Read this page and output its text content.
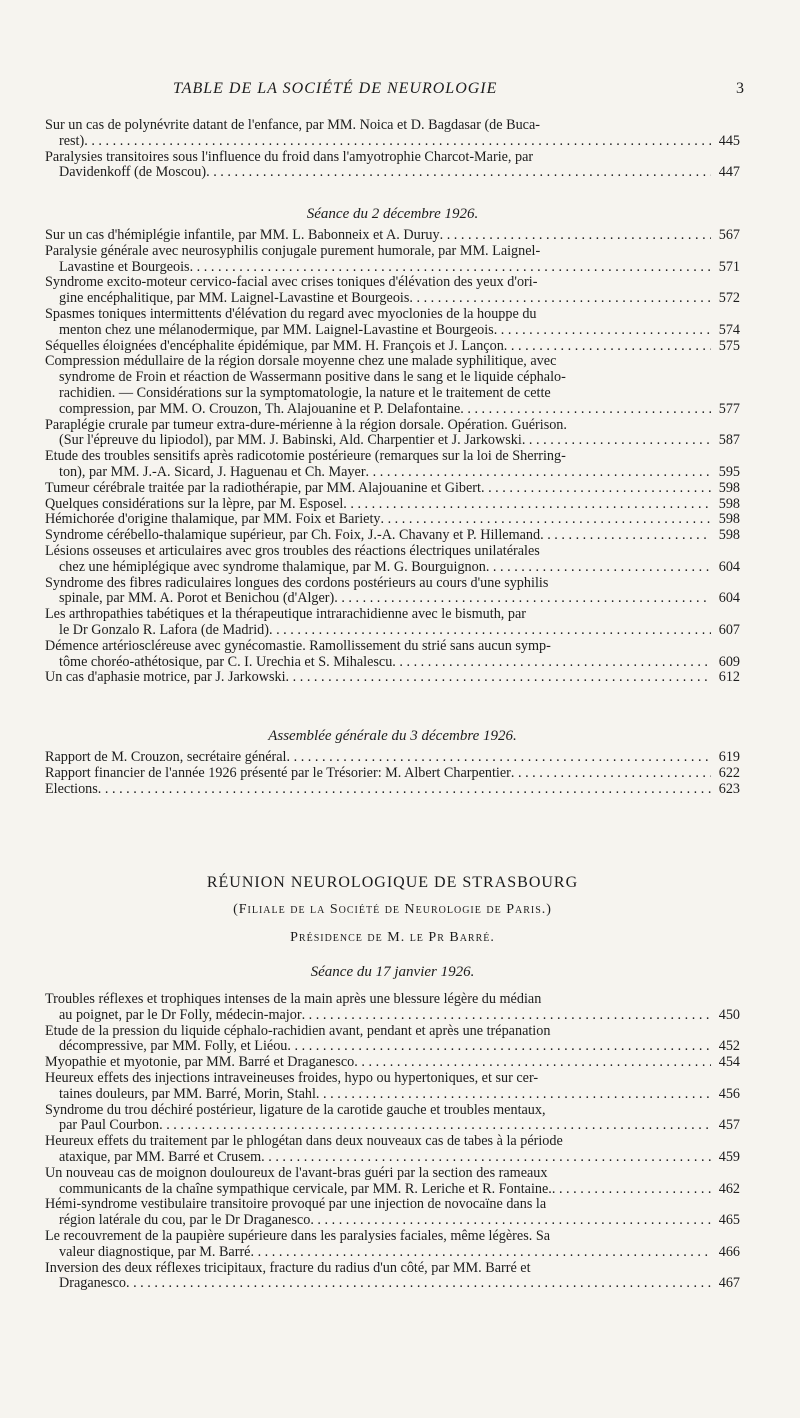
TABLE DE LA SOCIÉTÉ DE NEUROLOGIE	3
Sur un cas de polynévrite datant de l'enfance, par MM. Noica et D. Bagdasar (de Buca-
rest) . . .	445
Paralysies transitoires sous l'influence du froid dans l'amyotrophie Charcot-Marie, par
Davidenkoff (de Moscou) . . .	447
Séance du 2 décembre 1926.
Sur un cas d'hémiplégie infantile, par MM. L. Babonneix et A. Duruy . . .	567
Paralysie générale avec neurosyphilis conjugale purement humorale, par MM. Laignel-
Lavastine et Bourgeois . . .	571
Syndrome excito-moteur cervico-facial avec crises toniques d'élévation des yeux d'ori-
gine encéphalitique, par MM. Laignel-Lavastine et Bourgeois . . .	572
Spasmes toniques intermittents d'élévation du regard avec myoclonies de la houppe du
menton chez une mélanodermique, par MM. Laignel-Lavastine et Bourgeois . . .	574
Séquelles éloignées d'encéphalite épidémique, par MM. H. François et J. Lançon . . .	575
Compression médullaire de la région dorsale moyenne chez une malade syphilitique, avec
syndrome de Froin et réaction de Wassermann positive dans le sang et le liquide céphalo-
rachidien. — Considérations sur la symptomatologie, la nature et le traitement de cette
compression, par MM. O. Crouzon, Th. Alajouanine et P. Delafontaine . . .	577
Paraplégie crurale par tumeur extra-dure-mérienne à la région dorsale. Opération. Guérison.
(Sur l'épreuve du lipiodol), par MM. J. Babinski, Ald. Charpentier et J. Jarkowski . . .	587
Etude des troubles sensitifs après radicotomie postérieure (remarques sur la loi de Sherring-
ton), par MM. J.-A. Sicard, J. Haguenau et Ch. Mayer . . .	595
Tumeur cérébrale traitée par la radiothérapie, par MM. Alajouanine et Gibert . . .	598
Quelques considérations sur la lèpre, par M. Esposel . . .	598
Hémichorée d'origine thalamique, par MM. Foix et Bariety . . .	598
Syndrome cérébello-thalamique supérieur, par Ch. Foix, J.-A. Chavany et P. Hillemand . . .	598
Lésions osseuses et articulaires avec gros troubles des réactions électriques unilatérales
chez une hémiplégique avec syndrome thalamique, par M. G. Bourguignon . . .	604
Syndrome des fibres radiculaires longues des cordons postérieurs au cours d'une syphilis
spinale, par MM. A. Porot et Benichou (d'Alger) . . .	604
Les arthropathies tabétiques et la thérapeutique intrarachidienne avec le bismuth, par
le Dr Gonzalo R. Lafora (de Madrid) . . .	607
Démence artérioscléreuse avec gynécomastie. Ramollissement du strié sans aucun symp-
tôme choréo-athétosique, par C. I. Urechia et S. Mihalescu . . .	609
Un cas d'aphasie motrice, par J. Jarkowski . . .	612
Assemblée générale du 3 décembre 1926.
Rapport de M. Crouzon, secrétaire général . . .	619
Rapport financier de l'année 1926 présenté par le Trésorier: M. Albert Charpentier . . .	622
Elections . . .	623
RÉUNION NEUROLOGIQUE DE STRASBOURG
(Filiale de la Société de Neurologie de Paris.)
Présidence de M. le Pr Barré.
Séance du 17 janvier 1926.
Troubles réflexes et trophiques intenses de la main après une blessure légère du médian
au poignet, par le Dr Folly, médecin-major . . .	450
Etude de la pression du liquide céphalo-rachidien avant, pendant et après une trépanation
décompressive, par MM. Folly, et Liéou . . .	452
Myopathie et myotonie, par MM. Barré et Draganesco . . .	454
Heureux effets des injections intraveineuses froides, hypo ou hypertoniques, et sur cer-
taines douleurs, par MM. Barré, Morin, Stahl . . .	456
Syndrome du trou déchiré postérieur, ligature de la carotide gauche et troubles mentaux,
par Paul Courbon . . .	457
Heureux effets du traitement par le phlogétan dans deux nouveaux cas de tabes à la période
ataxique, par MM. Barré et Crusem . . .	459
Un nouveau cas de moignon douloureux de l'avant-bras guéri par la section des rameaux
communicants de la chaîne sympathique cervicale, par MM. R. Leriche et R. Fontaine. . . .	462
Hémi-syndrome vestibulaire transitoire provoqué par une injection de novocaïne dans la
région latérale du cou, par le Dr Draganesco . . .	465
Le recouvrement de la paupière supérieure dans les paralysies faciales, même légères. Sa
valeur diagnostique, par M. Barré . . .	466
Inversion des deux réflexes tricipitaux, fracture du radius d'un côté, par MM. Barré et
Draganesco . . .	467
